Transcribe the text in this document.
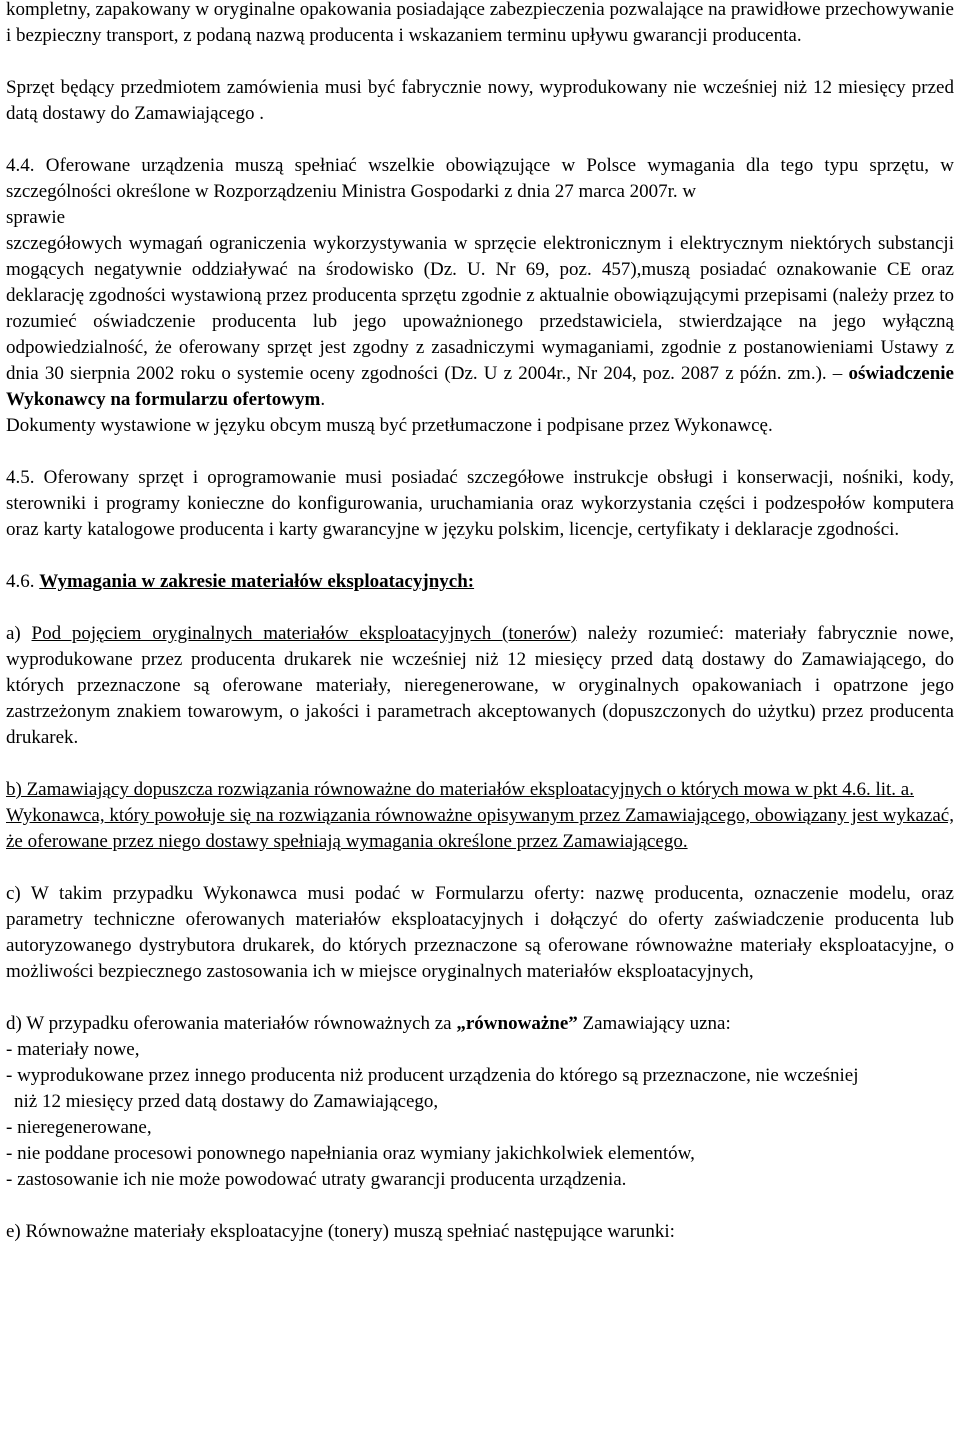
kompletny, zapakowany w oryginalne opakowania posiadające zabezpieczenia pozwalające na prawidłowe przechowywanie i bezpieczny transport, z podaną nazwą producenta i wskazaniem terminu upływu gwarancji producenta.

Sprzęt będący przedmiotem zamówienia musi być fabrycznie nowy, wyprodukowany nie wcześniej niż 12 miesięcy przed datą dostawy do Zamawiającego .

4.4. Oferowane urządzenia muszą spełniać wszelkie obowiązujące w Polsce wymagania dla tego typu sprzętu, w szczególności określone w Rozporządzeniu Ministra Gospodarki z dnia 27 marca 2007r. w

sprawie

szczegółowych wymagań ograniczenia wykorzystywania w sprzęcie elektronicznym i elektrycznym niektórych substancji mogących negatywnie oddziaływać na środowisko (Dz. U. Nr 69, poz. 457),muszą posiadać oznakowanie CE oraz deklarację zgodności wystawioną przez producenta sprzętu zgodnie z aktualnie obowiązującymi przepisami (należy przez to rozumieć oświadczenie producenta lub jego upoważnionego przedstawiciela, stwierdzające na jego wyłączną odpowiedzialność, że oferowany sprzęt jest zgodny z zasadniczymi wymaganiami, zgodnie z postanowieniami Ustawy z dnia 30 sierpnia 2002 roku o systemie oceny zgodności (Dz. U z 2004r., Nr 204, poz. 2087 z późn. zm.). – oświadczenie Wykonawcy na formularzu ofertowym.

Dokumenty wystawione w języku obcym muszą być przetłumaczone i podpisane przez Wykonawcę.

4.5. Oferowany sprzęt i oprogramowanie musi posiadać szczegółowe instrukcje obsługi i konserwacji, nośniki, kody, sterowniki i programy konieczne do konfigurowania, uruchamiania oraz wykorzystania części i podzespołów komputera oraz karty katalogowe producenta i karty gwarancyjne w języku polskim, licencje, certyfikaty i deklaracje zgodności.

4.6. Wymagania w zakresie materiałów eksploatacyjnych:

a) Pod pojęciem oryginalnych materiałów eksploatacyjnych (tonerów) należy rozumieć: materiały fabrycznie nowe, wyprodukowane przez producenta drukarek nie wcześniej niż 12 miesięcy przed datą dostawy do Zamawiającego, do których przeznaczone są oferowane materiały, nieregenerowane, w oryginalnych opakowaniach i opatrzone jego zastrzeżonym znakiem towarowym, o jakości i parametrach akceptowanych (dopuszczonych do użytku) przez producenta drukarek.

b) Zamawiający dopuszcza rozwiązania równoważne do materiałów eksploatacyjnych o których mowa w pkt 4.6. lit. a.

Wykonawca, który powołuje się na rozwiązania równoważne opisywanym przez Zamawiającego, obowiązany jest wykazać, że oferowane przez niego dostawy spełniają wymagania określone przez Zamawiającego.

c) W takim przypadku Wykonawca musi podać w Formularzu oferty: nazwę producenta, oznaczenie modelu, oraz parametry techniczne oferowanych materiałów eksploatacyjnych i dołączyć do oferty zaświadczenie producenta lub autoryzowanego dystrybutora drukarek, do których przeznaczone są oferowane równoważne materiały eksploatacyjne, o możliwości bezpiecznego zastosowania ich w miejsce oryginalnych materiałów eksploatacyjnych,

d) W przypadku oferowania materiałów równoważnych za „równoważne” Zamawiający uzna:

- materiały nowe,

- wyprodukowane przez innego producenta niż producent urządzenia do którego są przeznaczone, nie wcześniej

niż 12 miesięcy przed datą dostawy do Zamawiającego,

- nieregenerowane,

- nie poddane procesowi ponownego napełniania oraz wymiany jakichkolwiek elementów,

- zastosowanie ich nie może powodować utraty gwarancji producenta urządzenia.

e) Równoważne materiały eksploatacyjne (tonery) muszą spełniać następujące warunki:
